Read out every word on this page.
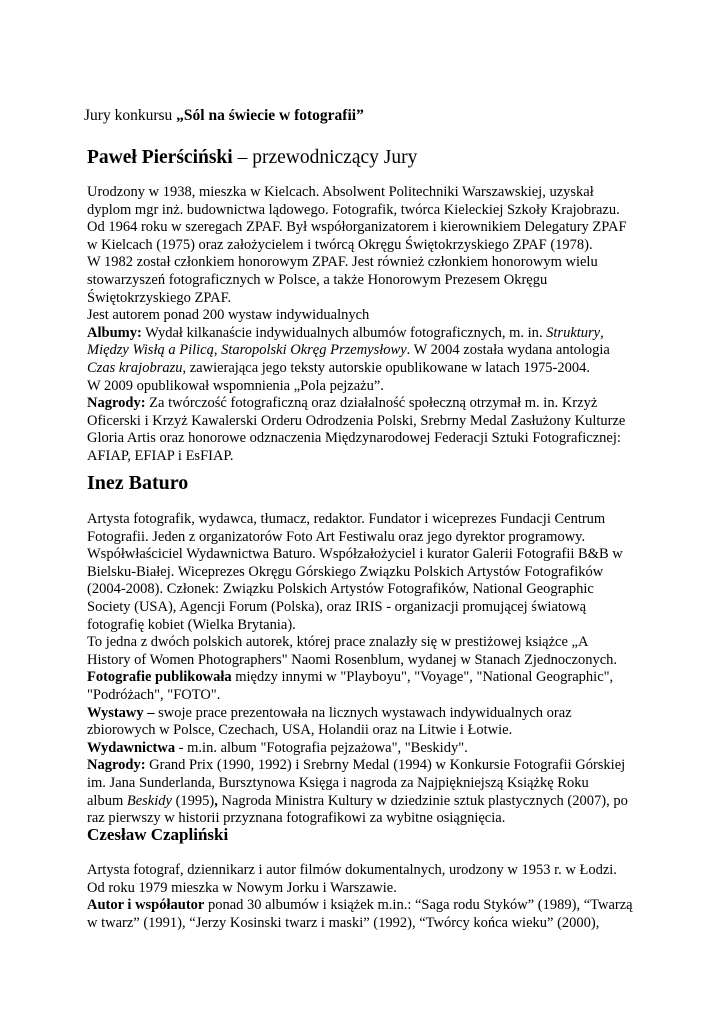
Jury konkursu „Sól na świecie w fotografii”
Paweł Pierściński – przewodniczący Jury
Urodzony w 1938, mieszka w Kielcach. Absolwent Politechniki Warszawskiej, uzyskał
dyplom mgr inż. budownictwa lądowego. Fotografik, twórca Kieleckiej Szkoły Krajobrazu.
Od 1964 roku w szeregach ZPAF. Był współorganizatorem i kierownikiem Delegatury ZPAF
w Kielcach (1975) oraz założycielem i twórcą Okręgu Świętokrzyskiego ZPAF (1978).
W 1982 został członkiem honorowym ZPAF. Jest również członkiem honorowym wielu
stowarzyszeń fotograficznych w Polsce, a także Honorowym Prezesem Okręgu
Świętokrzyskiego ZPAF.
Jest autorem ponad 200 wystaw indywidualnych
Albumy: Wydał kilkanaście indywidualnych albumów fotograficznych, m. in. Struktury,
Między Wisłą a Pilicą, Staropolski Okręg Przemysłowy. W 2004 została wydana antologia
Czas krajobrazu, zawierająca jego teksty autorskie opublikowane w latach 1975-2004.
W 2009 opublikował wspomnienia „Pola pejzażu”.
Nagrody: Za twórczość fotograficzną oraz działalność społeczną otrzymał m. in. Krzyż
Oficerski i Krzyż Kawalerski Orderu Odrodzenia Polski, Srebrny Medal Zasłużony Kulturze
Gloria Artis oraz honorowe odznaczenia Międzynarodowej Federacji Sztuki Fotograficznej:
AFIAP, EFIAP i EsFIAP.
Inez Baturo
Artysta fotografik, wydawca, tłumacz, redaktor. Fundator i wiceprezes Fundacji Centrum
Fotografii. Jeden z organizatorów Foto Art Festiwalu oraz jego dyrektor programowy.
Współwłaściciel Wydawnictwa Baturo. Współzałożyciel i kurator Galerii Fotografii B&B w
Bielsku-Białej. Wiceprezes Okręgu Górskiego Związku Polskich Artystów Fotografików
(2004-2008). Członek: Związku Polskich Artystów Fotografików, National Geographic
Society (USA), Agencji Forum (Polska), oraz IRIS - organizacji promującej światową
fotografię kobiet (Wielka Brytania).
To jedna z dwóch polskich autorek, której prace znalazły się w prestiżowej książce „A
History of Women Photographers" Naomi Rosenblum, wydanej w Stanach Zjednoczonych.
Fotografie publikowała między innymi w "Playboyu", "Voyage", "National Geographic",
"Podróżach", "FOTO".
Wystawy – swoje prace prezentowała na licznych wystawach indywidualnych oraz
zbiorowych w Polsce, Czechach, USA, Holandii oraz na Litwie i Łotwie.
Wydawnictwa - m.in. album "Fotografia pejzażowa", "Beskidy".
Nagrody: Grand Prix (1990, 1992) i Srebrny Medal (1994) w Konkursie Fotografii Górskiej
im. Jana Sunderlanda, Bursztynowa Księga i nagroda za Najpiękniejszą Książkę Roku
album Beskidy (1995), Nagroda Ministra Kultury w dziedzinie sztuk plastycznych (2007), po
raz pierwszy w historii przyznana fotografikowi za wybitne osiągnięcia.
Czesław Czapliński
Artysta fotograf, dziennikarz i autor filmów dokumentalnych, urodzony w 1953 r. w Łodzi.
Od roku 1979 mieszka w Nowym Jorku i Warszawie.
Autor i współautor ponad 30 albumów i książek m.in.: “Saga rodu Styków” (1989), “Twarzą
w twarz” (1991), “Jerzy Kosinski twarz i maski” (1992), “Twórcy końca wieku” (2000),
